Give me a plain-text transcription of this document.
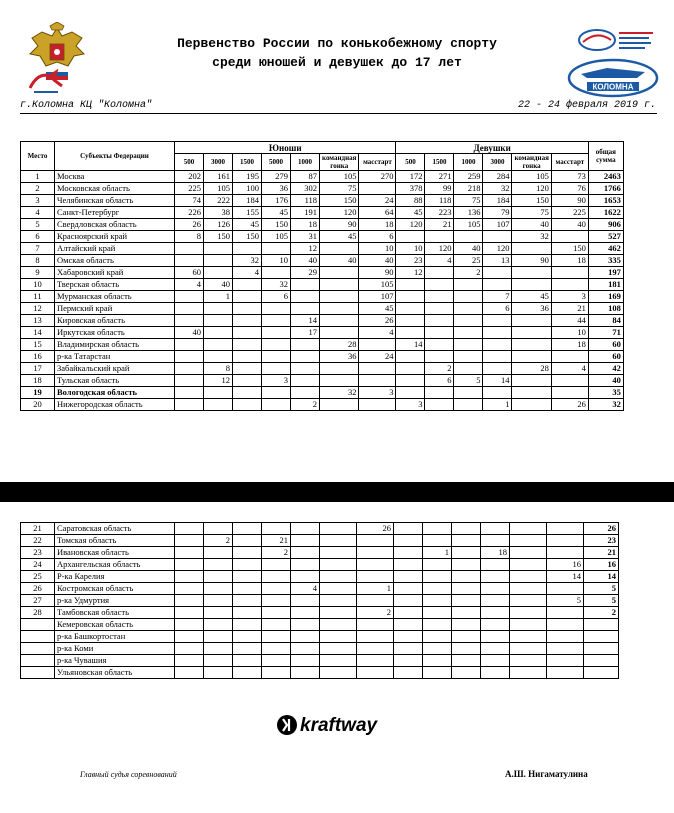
КОЛОМНА
Первенство России по конькобежному спорту
среди юношей и девушек до 17 лет
г.Коломна КЦ "Коломна"	22 - 24 февраля 2019 г.
Место	Субъекты Федерации	Юноши							Девушки						общая сумма
		500	3000	1500	5000	1000	командная гонка	масстарт	500	1500	1000	3000	командная гонка	масстарт	
1	Москва	202	161	195	279	87	105	270	172	271	259	284	105	73	2463
2	Московская область	225	105	100	36	302	75		378	99	218	32	120	76	1766
3	Челябинская область	74	222	184	176	118	150	24	88	118	75	184	150	90	1653
4	Санкт-Петербург	226	38	155	45	191	120	64	45	223	136	79	75	225	1622
5	Свердловская область	26	126	45	150	18	90	18	120	21	105	107	40	40	906
6	Красноярский край	8	150	150	105	31	45	6					32		527
7	Алтайский край					12		10	10	120	40	120		150	462
8	Омская область			32	10	40	40	40	23	4	25	13	90	18	335
9	Хабаровский край	60		4		29		90	12		2				197
10	Тверская область	4	40		32			105							181
11	Мурманская область		1		6			107				7	45	3	169
12	Пермский край							45				6	36	21	108
13	Кировская область					14		26						44	84
14	Иркутская область	40				17		4						10	71
15	Владимирская область						28		14					18	60
16	р-ка Татарстан						36	24							60
17	Забайкальский край		8							2			28	4	42
18	Тульская область		12		3					6	5	14			40
19	Вологодская область						32	3							35
20	Нижегородская область					2			3			1		26	32
21	Саратовская область							26							26
22	Томская область		2		21										23
23	Ивановская область				2					1		18			21
24	Архангельская область													16	16
25	Р-ка Карелия													14	14
26	Костромская область					4		1							5
27	р-ка Удмуртия													5	5
28	Тамбовская область							2							2
	Кемеровская область														
	р-ка Башкортостан														
	р-ка Коми														
	р-ка Чувашия														
	Ульяновская область														
kraftway
Главный судья соревнований	А.Ш. Нигаматулина
